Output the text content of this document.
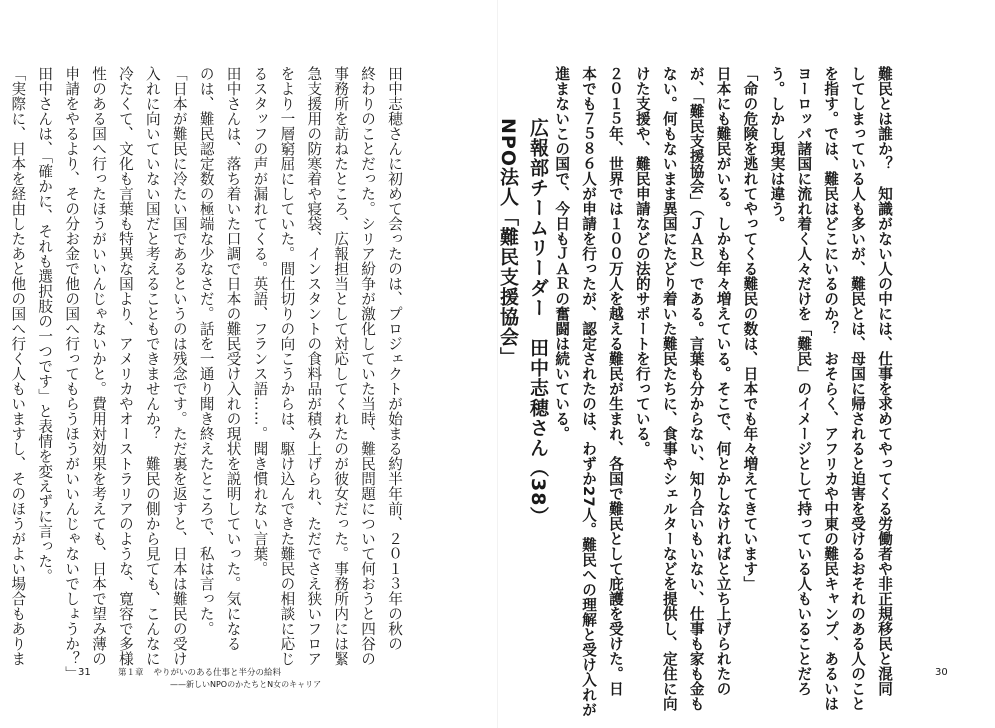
田中志穂さんに初めて会ったのは、プロジェクトが始まる約半年前、２０１３年の秋の

終わりのことだった。シリア紛争が激化していた当時、難民問題について何おうと四谷の

事務所を訪ねたところ、広報担当として対応してくれたのが彼女だった。事務所内には緊

急支援用の防寒着や寝袋、インスタントの食料品が積み上げられ、ただでさえ狭いフロア

をより一層窮屈にしていた。間仕切りの向こうからは、駆け込んできた難民の相談に応じ

るスタッフの声が漏れてくる。英語、フランス語……。聞き慣れない言葉。

田中さんは、落ち着いた口調で日本の難民受け入れの現状を説明していった。気になる

のは、難民認定数の極端な少なさだ。話を一通り聞き終えたところで、私は言った。

「日本が難民に冷たい国であるというのは残念です。ただ裏を返すと、日本は難民の受け

入れに向いていない国だと考えることもできませんか？　難民の側から見ても、こんなに

冷たくて、文化も言葉も特異な国より、アメリカやオーストラリアのような、寛容で多様

性のある国へ行ったほうがいいんじゃないかと。費用対効果を考えても、日本で望み薄の

申請をやるより、その分お金で他の国へ行ってもらうほうがいいんじゃないでしょうか？」

田中さんは、「確かに、それも選択肢の一つです」と表情を変えずに言った。

「実際に、日本を経由したあと他の国へ行く人もいますし、そのほうがよい場合もありま

31	第１章 やりがいのある仕事と半分の給料
——新しいNPOのかたちとN女のキャリア	難民とは誰か？　知識がない人の中には、仕事を求めてやってくる労働者や非正規移民と混同

してしまっている人も多いが、難民とは、母国に帰されると迫害を受けるおそれのある人のこと

を指す。では、難民はどこにいるのか？　おそらく、アフリカや中東の難民キャンプ、あるいは

ヨーロッパ諸国に流れ着く人々だけを「難民」のイメージとして持っている人もいることだろ

う。しかし現実は違う。

「命の危険を逃れてやってくる難民の数は、日本でも年々増えてきています」

日本にも難民がいる。しかも年々増えている。そこで、何とかしなければと立ち上げられたの

が、「難民支援協会」（ＪＡＲ）である。言葉も分からない、知り合いもいない、仕事も家も金も

ない。何もないまま異国にたどり着いた難民たちに、食事やシェルターなどを提供し、定住に向

けた支援や、難民申請などの法的サポートを行っている。

２０１５年、世界では１００万人を越える難民が生まれ、各国で難民として庇護を受けた。日

本でも７５８６人が申請を行ったが、認定されたのは、わずか27人。難民への理解と受け入れが

進まないこの国で、今日もＪＡＲの奮闘は続いている。

30
NPO法人「難民支援協会」 広報部チームリーダー　田中志穂さん（38）
